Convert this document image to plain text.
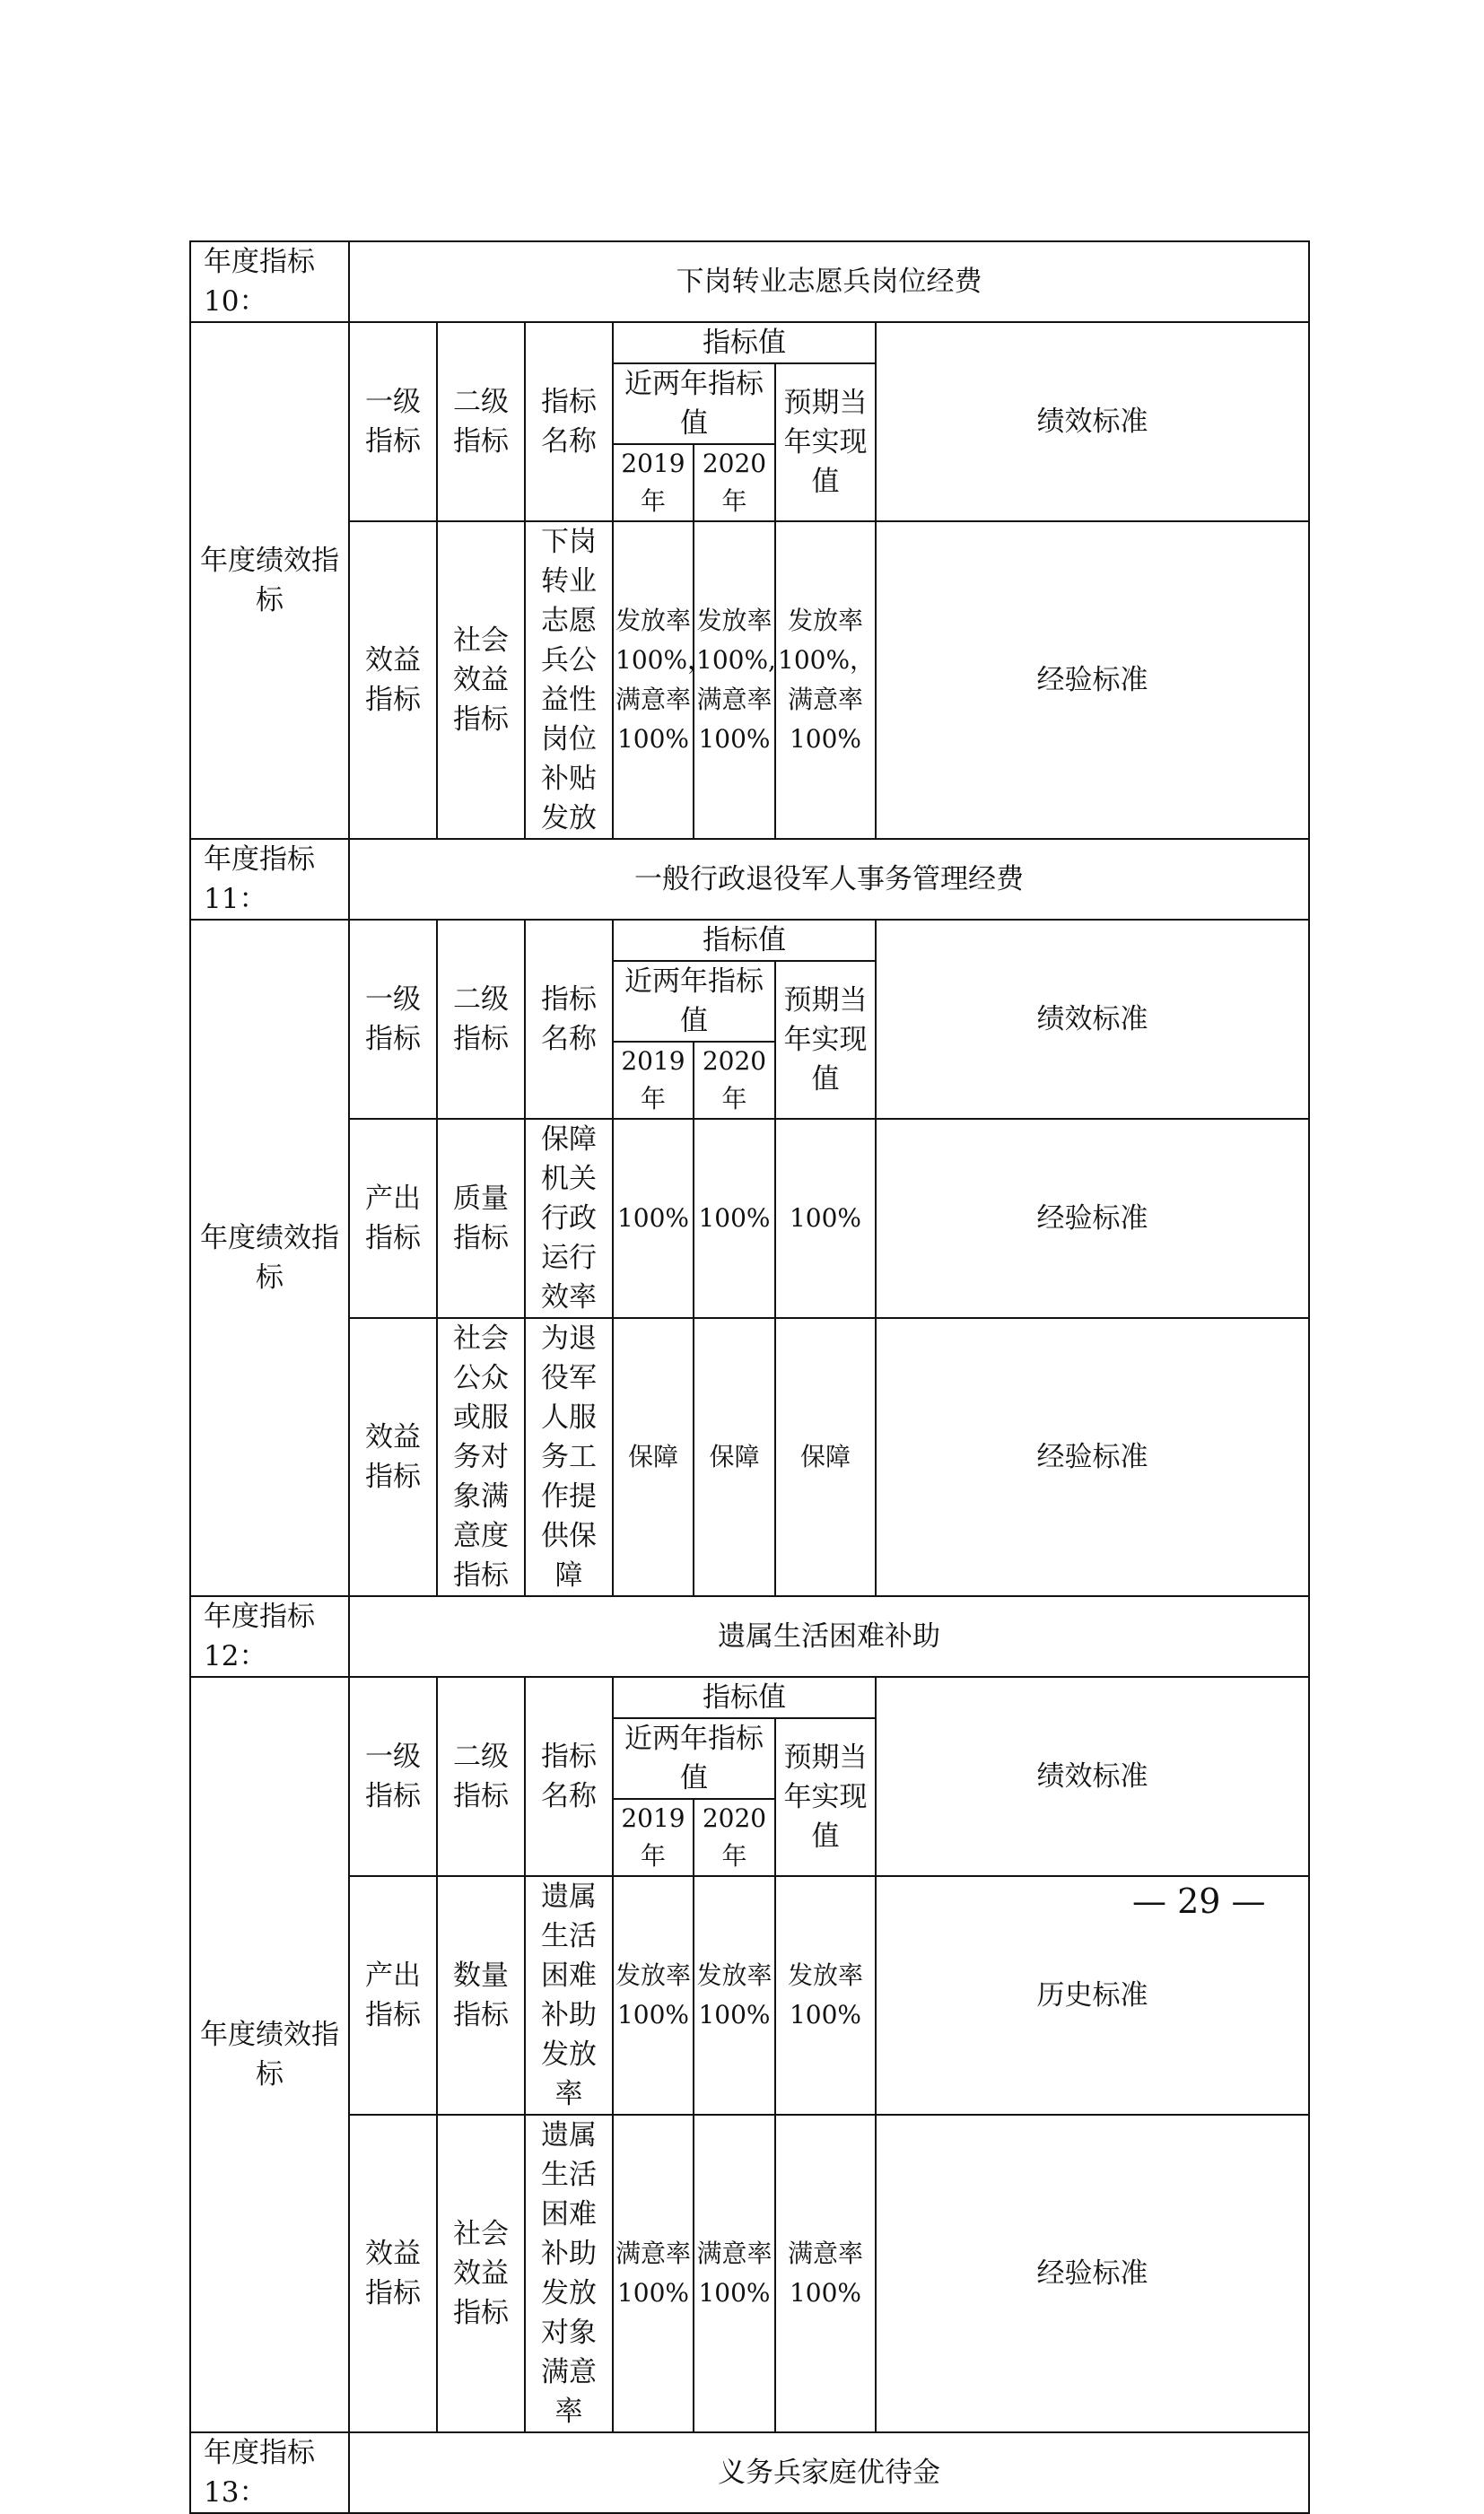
年度指标 10：	下岗转业志愿兵岗位经费						
年度绩效指标	一级指标	二级指标	指标名称	指标值			绩效标准
				近两年指标值		预期当年实现值	
				2019 年	2020 年		
	效益指标	社会效益指标	下岗转业志愿兵公益性岗位补贴发放	发放率100%，满意率100%	发放率100%,满意率100%	发放率100%，满意率 100%	经验标准
年度指标 11：	一般行政退役军人事务管理经费						
年度绩效指标	一级指标	二级指标	指标名称	指标值			绩效标准
				近两年指标值		预期当年实现值	
				2019 年	2020 年		
	产出指标	质量指标	保障机关行政运行效率	100%	100%	100%	经验标准
	效益指标	社会公众或服务对象满意度指标	为退役军人服务工作提供保障	保障	保障	保障	经验标准
年度指标 12：	遗属生活困难补助						
年度绩效指标	一级指标	二级指标	指标名称	指标值			绩效标准
				近两年指标值		预期当年实现值	
				2019 年	2020 年		
	产出指标	数量指标	遗属生活困难补助发放率	发放率100%	发放率100%	发放率100%	历史标准
	效益指标	社会效益指标	遗属生活困难补助发放对象满意率	满意率100%	满意率100%	满意率100%	经验标准
年度指标 13：	义务兵家庭优待金						
— 29 —
